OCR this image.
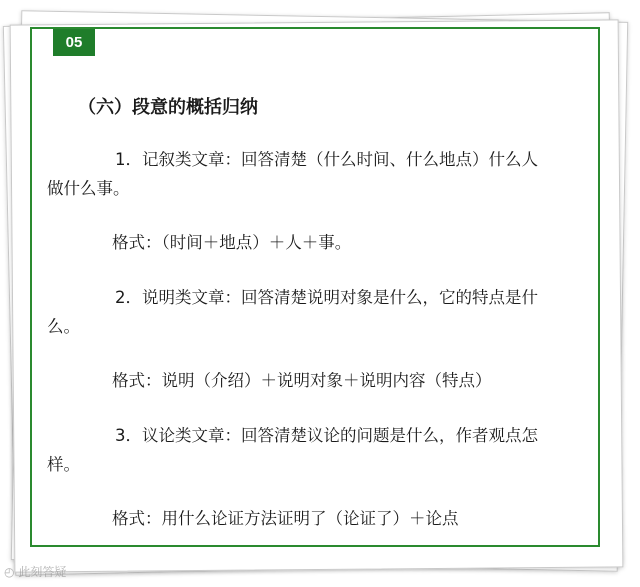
05
（六）段意的概括归纳
1．记叙类文章：回答清楚（什么时间、什么地点）什么人
做什么事。
格式：（时间＋地点）＋人＋事。
2．说明类文章：回答清楚说明对象是什么，它的特点是什
么。
格式：说明（介绍）＋说明对象＋说明内容（特点）
3．议论类文章：回答清楚议论的问题是什么，作者观点怎
样。
格式：用什么论证方法证明了（论证了）＋论点
◴ 此刻答疑
